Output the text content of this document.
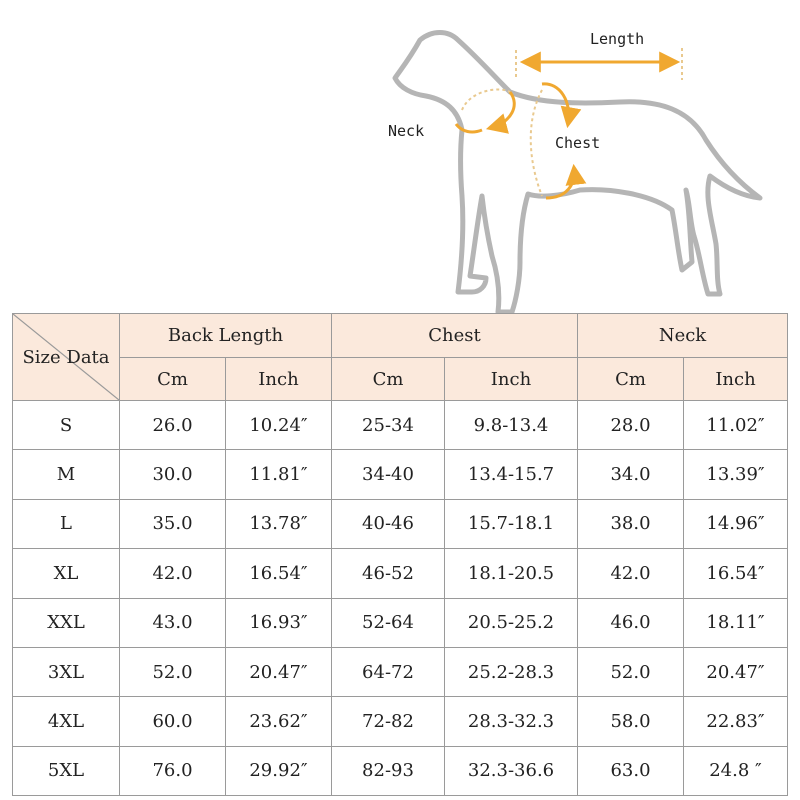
Length
Neck
Chest
Size Data	Back Length		Chest		Neck	
	Cm	Inch	Cm	Inch	Cm	Inch
S	26.0	10.24″	25-34	9.8-13.4	28.0	11.02″
M	30.0	11.81″	34-40	13.4-15.7	34.0	13.39″
L	35.0	13.78″	40-46	15.7-18.1	38.0	14.96″
XL	42.0	16.54″	46-52	18.1-20.5	42.0	16.54″
XXL	43.0	16.93″	52-64	20.5-25.2	46.0	18.11″
3XL	52.0	20.47″	64-72	25.2-28.3	52.0	20.47″
4XL	60.0	23.62″	72-82	28.3-32.3	58.0	22.83″
5XL	76.0	29.92″	82-93	32.3-36.6	63.0	24.8 ″
